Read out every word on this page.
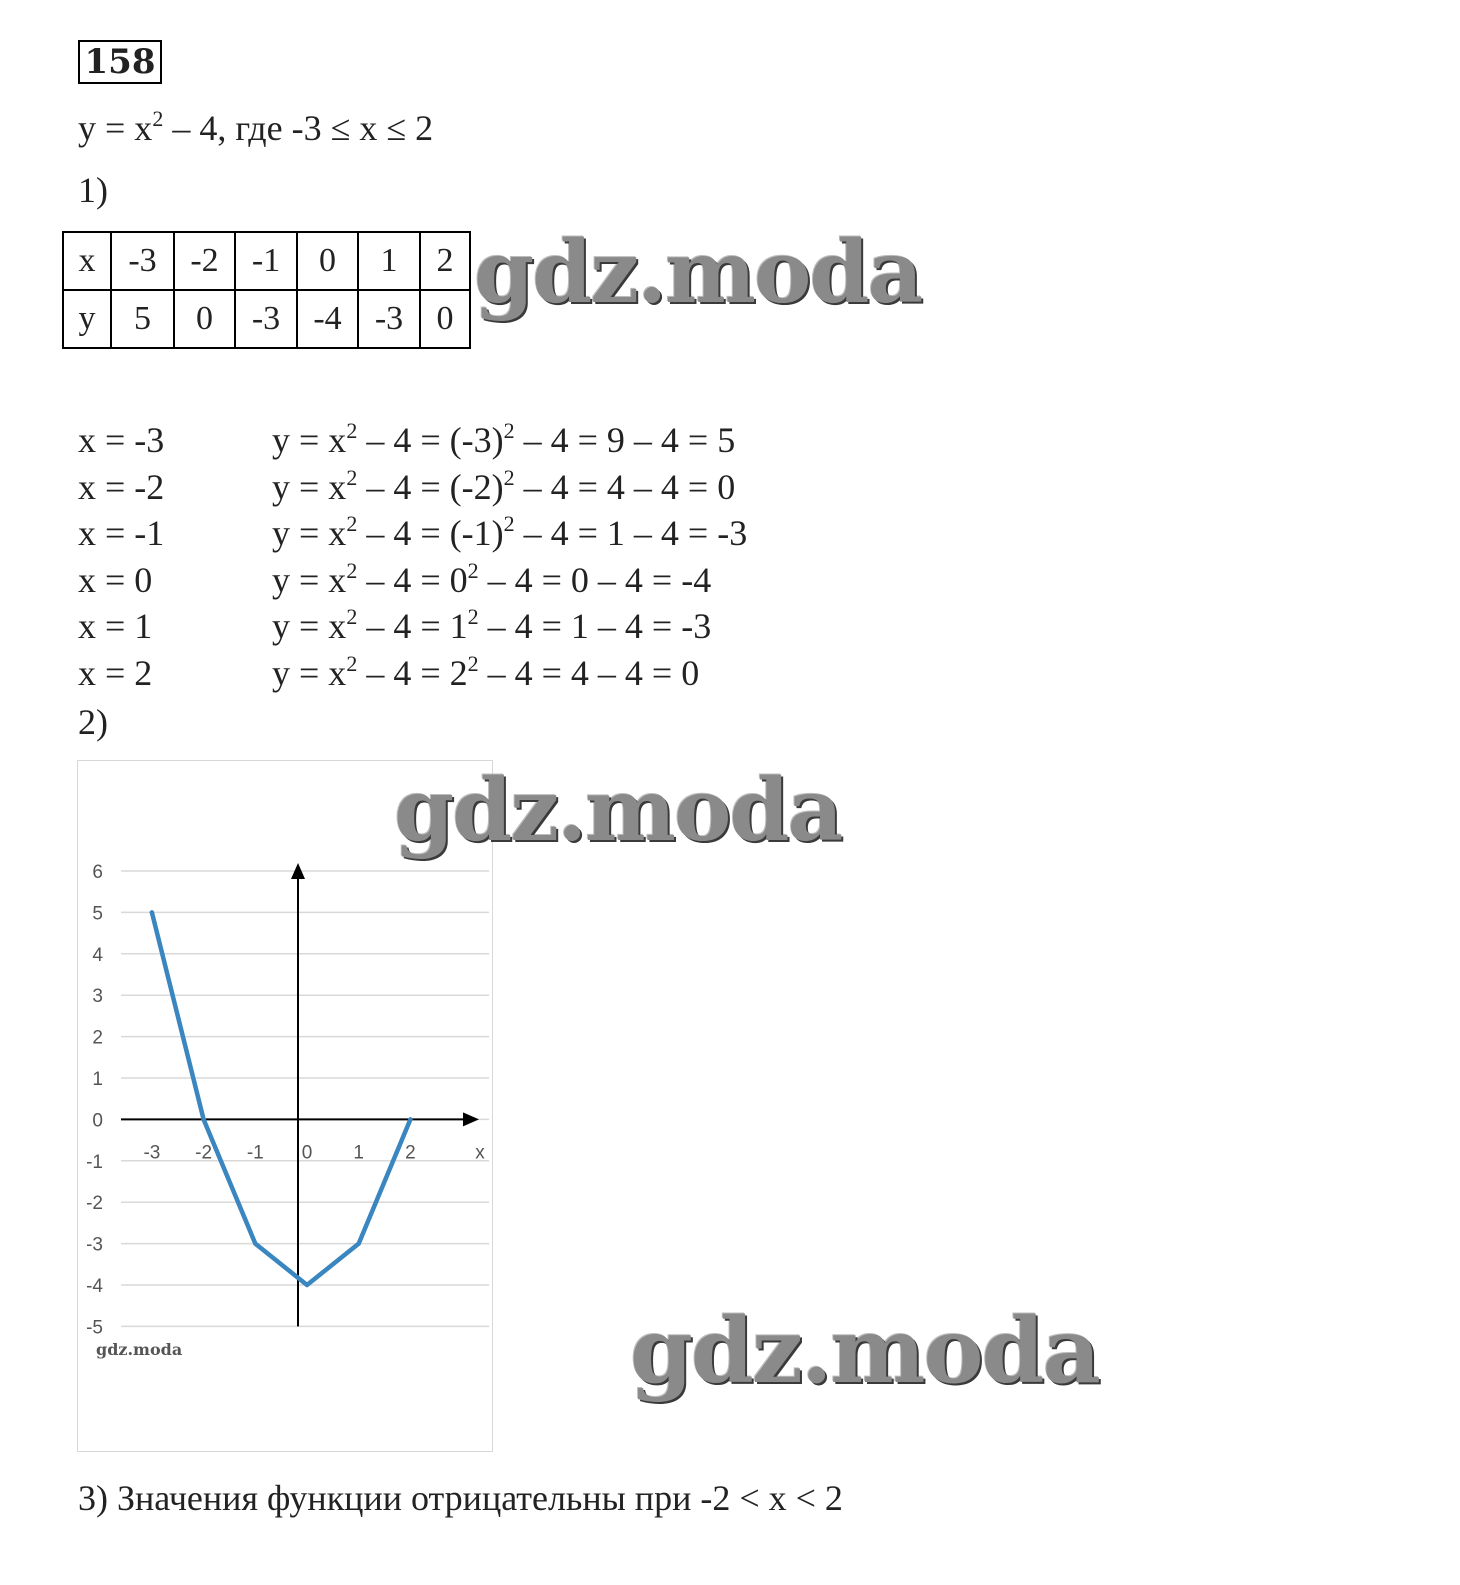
158
$y = x^2 - 4$, где -3 ≤ x ≤ 2
1)
x	-3	-2	-1	0	1	2
y	5	0	-3	-4	-3	0 gdz.moda
x = -3	$y = x^2 - 4 = (-3)^2 - 4 = 9 - 4 = 5$
x = -2	$y = x^2 - 4 = (-2)^2 - 4 = 4 - 4 = 0$
x = -1	$y = x^2 - 4 = (-1)^2 - 4 = 1 - 4 = -3$
x = 0	$y = x^2 - 4 = 0^2 - 4 = 0 - 4 = -4$
x = 1	$y = x^2 - 4 = 1^2 - 4 = 1 - 4 = -3$
x = 2	$y = x^2 - 4 = 2^2 - 4 = 4 - 4 = 0$
2)
6
5
4
3
2
1
0
-1
-2
-3
-4
-5
-3 -2 -1 0 1 2	x
gdz.moda
gdz.moda
gdz.moda
3) Значения функции отрицательны при -2 < x < 2
